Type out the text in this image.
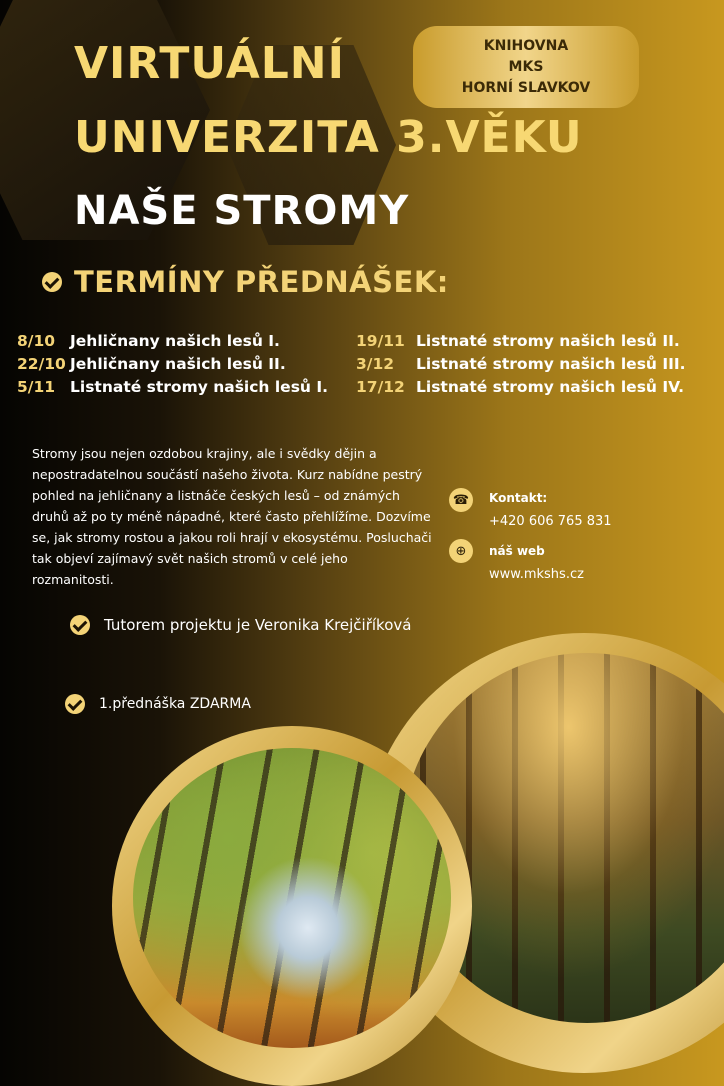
VIRTUÁLNÍ
UNIVERZITA 3.VĚKU
NAŠE STROMY
KNIHOVNA
MKS
HORNÍ SLAVKOV
TERMÍNY PŘEDNÁŠEK:
8/10 Jehličnany našich lesů I.
22/10 Jehličnany našich lesů II.
5/11 Listnaté stromy našich lesů I.
19/11 Listnaté stromy našich lesů II.
3/12	Listnaté stromy našich lesů III.
17/12 Listnaté stromy našich lesů IV.

Stromy jsou nejen ozdobou krajiny, ale i svědky dějin a nepostradatelnou součástí našeho života. Kurz nabídne pestrý pohled na jehličnany a listnáče českých lesů – od známých druhů až po ty méně nápadné, které často přehlížíme. Dozvíme se, jak stromy rostou a jakou roli hrají v ekosystému. Posluchači tak objeví zajímavý svět našich stromů v celé jeho rozmanitosti.

☎	Kontakt:
+420 606 765 831
⊕	náš web
www.mkshs.cz
Tutorem projektu je Veronika Krejčiříková
1.přednáška ZDARMA
